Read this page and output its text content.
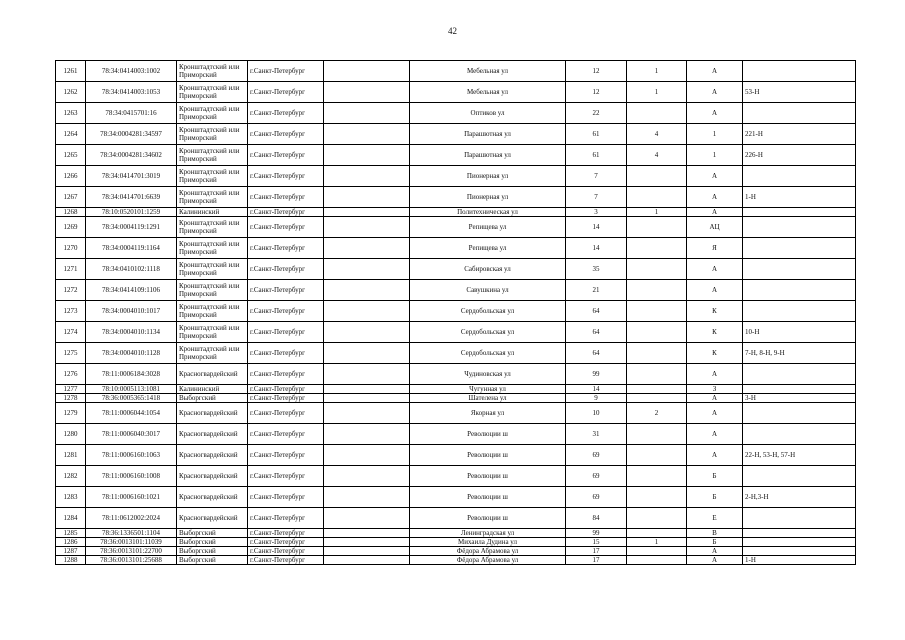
42
1261	78:34:0414003:1002	Кронштадтский или Приморский	г.Санкт-Петербург		Мебельная ул	12	1	А	
1262	78:34:0414003:1053	Кронштадтский или Приморский	г.Санкт-Петербург		Мебельная ул	12	1	А	53-Н
1263	78:34:0415701:16	Кронштадтский или Приморский	г.Санкт-Петербург		Оптиков ул	22		А	
1264	78:34:0004281:34597	Кронштадтский или Приморский	г.Санкт-Петербург		Парашютная ул	61	4	1	221-Н
1265	78:34:0004281:34602	Кронштадтский или Приморский	г.Санкт-Петербург		Парашютная ул	61	4	1	226-Н
1266	78:34:0414701:3019	Кронштадтский или Приморский	г.Санкт-Петербург		Пионерная ул	7		А	
1267	78:34:0414701:6639	Кронштадтский или Приморский	г.Санкт-Петербург		Пионерная ул	7		А	1-Н
1268	78:10:0520101:1259	Калининский	г.Санкт-Петербург		Политехническая ул	3	1	А	
1269	78:34:0004119:1291	Кронштадтский или Приморский	г.Санкт-Петербург		Репищева ул	14		АЦ	
1270	78:34:0004119:1164	Кронштадтский или Приморский	г.Санкт-Петербург		Репищева ул	14		Я	
1271	78:34:0410102:1118	Кронштадтский или Приморский	г.Санкт-Петербург		Сабировская ул	35		А	
1272	78:34:0414109:1106	Кронштадтский или Приморский	г.Санкт-Петербург		Савушкина ул	21		А	
1273	78:34:0004010:1017	Кронштадтский или Приморский	г.Санкт-Петербург		Сердобольская ул	64		К	
1274	78:34:0004010:1134	Кронштадтский или Приморский	г.Санкт-Петербург		Сердобольская ул	64		К	10-Н
1275	78:34:0004010:1128	Кронштадтский или Приморский	г.Санкт-Петербург		Сердобольская ул	64		К	7-Н, 8-Н, 9-Н
1276	78:11:0006184:3028	Красногвардейский	г.Санкт-Петербург		Чудиновская ул	99		А	
1277	78:10:0005113:1081	Калининский	г.Санкт-Петербург		Чугунная ул	14		З	
1278	78:36:0005365:1418	Выборгский	г.Санкт-Петербург		Шателена ул	9		А	3-Н
1279	78:11:0006044:1054	Красногвардейский	г.Санкт-Петербург		Якорная ул	10	2	А	
1280	78:11:0006040:3017	Красногвардейский	г.Санкт-Петербург		Революции ш	31		А	
1281	78:11:0006160:1063	Красногвардейский	г.Санкт-Петербург		Революции ш	69		А	22-Н, 53-Н, 57-Н
1282	78:11:0006160:1008	Красногвардейский	г.Санкт-Петербург		Революции ш	69		Б	
1283	78:11:0006160:1021	Красногвардейский	г.Санкт-Петербург		Революции ш	69		Б	2-Н,3-Н
1284	78:11:0612002:2024	Красногвардейский	г.Санкт-Петербург		Революции ш	84		Е	
1285	78:36:1336501:1104	Выборгский	г.Санкт-Петербург		Ленинградская ул	99		В	
1286	78:36:0013101:11039	Выборгский	г.Санкт-Петербург		Михаила Дудина ул	15	1	Б	
1287	78:36:0013101:22700	Выборгский	г.Санкт-Петербург		Фёдора Абрамова ул	17		А	
1288	78:36:0013101:25688	Выборгский	г.Санкт-Петербург		Фёдора Абрамова ул	17		А	1-Н
